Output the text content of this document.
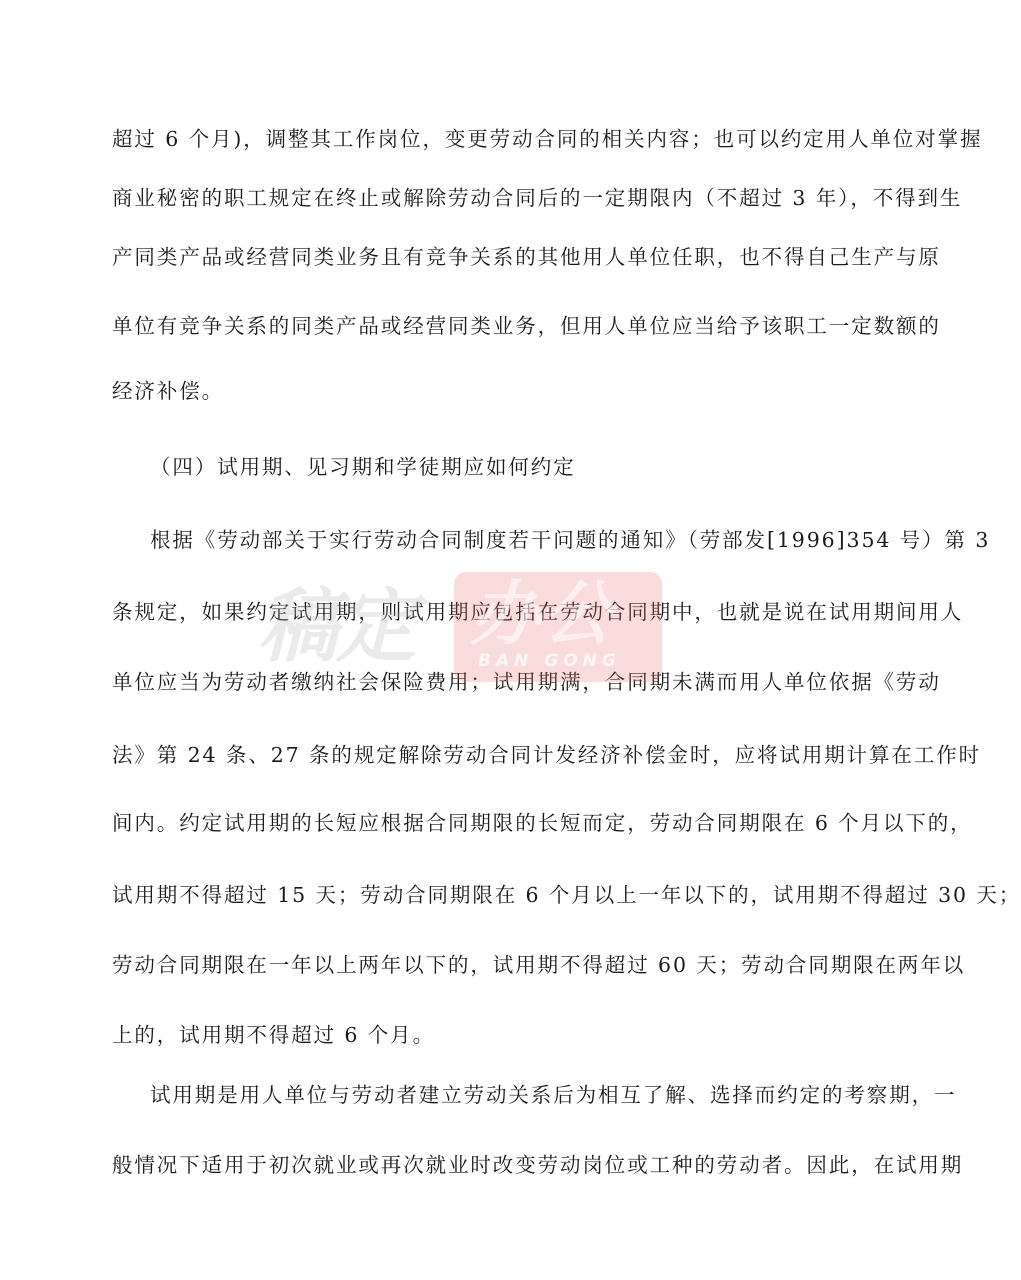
超过 6 个月)，调整其工作岗位，变更劳动合同的相关内容；也可以约定用人单位对掌握
商业秘密的职工规定在终止或解除劳动合同后的一定期限内（不超过 3 年），不得到生
产同类产品或经营同类业务且有竞争关系的其他用人单位任职，也不得自己生产与原
单位有竞争关系的同类产品或经营同类业务，但用人单位应当给予该职工一定数额的
经济补偿。
（四）试用期、见习期和学徒期应如何约定
根据《劳动部关于实行劳动合同制度若干问题的通知》（劳部发[1996]354 号）第 3
条规定，如果约定试用期，则试用期应包括在劳动合同期中，也就是说在试用期间用人
单位应当为劳动者缴纳社会保险费用；试用期满，合同期未满而用人单位依据《劳动
法》第 24 条、27 条的规定解除劳动合同计发经济补偿金时，应将试用期计算在工作时
间内。约定试用期的长短应根据合同期限的长短而定，劳动合同期限在 6 个月以下的，
试用期不得超过 15 天；劳动合同期限在 6 个月以上一年以下的，试用期不得超过 30 天；
劳动合同期限在一年以上两年以下的，试用期不得超过 60 天；劳动合同期限在两年以
上的，试用期不得超过 6 个月。
试用期是用人单位与劳动者建立劳动关系后为相互了解、选择而约定的考察期，一
般情况下适用于初次就业或再次就业时改变劳动岗位或工种的劳动者。因此，在试用期
稿定 办公
BAN GONG
